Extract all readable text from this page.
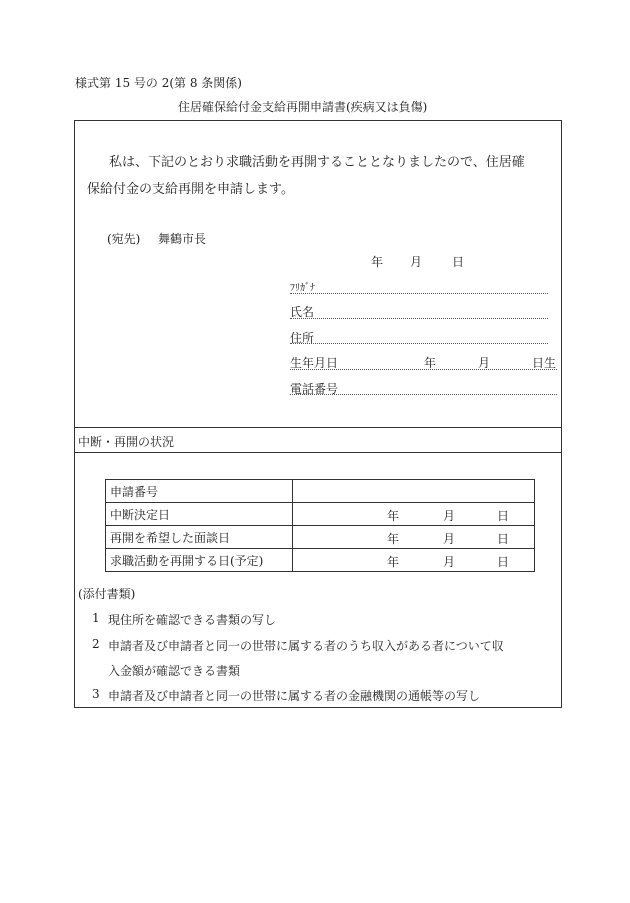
様式第 15 号の 2(第 8 条関係)
住居確保給付金支給再開申請書(疾病又は負傷)
私は、下記のとおり求職活動を再開することとなりましたので、住居確
保給付金の支給再開を申請します。
(宛先) 舞鶴市長
年 月 日
ﾌﾘｶﾞﾅ
氏名
住所
生年月日	年	月	日生
電話番号
中断・再開の状況
申請番号	
中断決定日	年 月 日

再開を希望した面談日	年 月 日

求職活動を再開する日(予定)	年 月 日
(添付書類)
1 現住所を確認できる書類の写し
2 申請者及び申請者と同一の世帯に属する者のうち収入がある者について収
入金額が確認できる書類
3 申請者及び申請者と同一の世帯に属する者の金融機関の通帳等の写し
